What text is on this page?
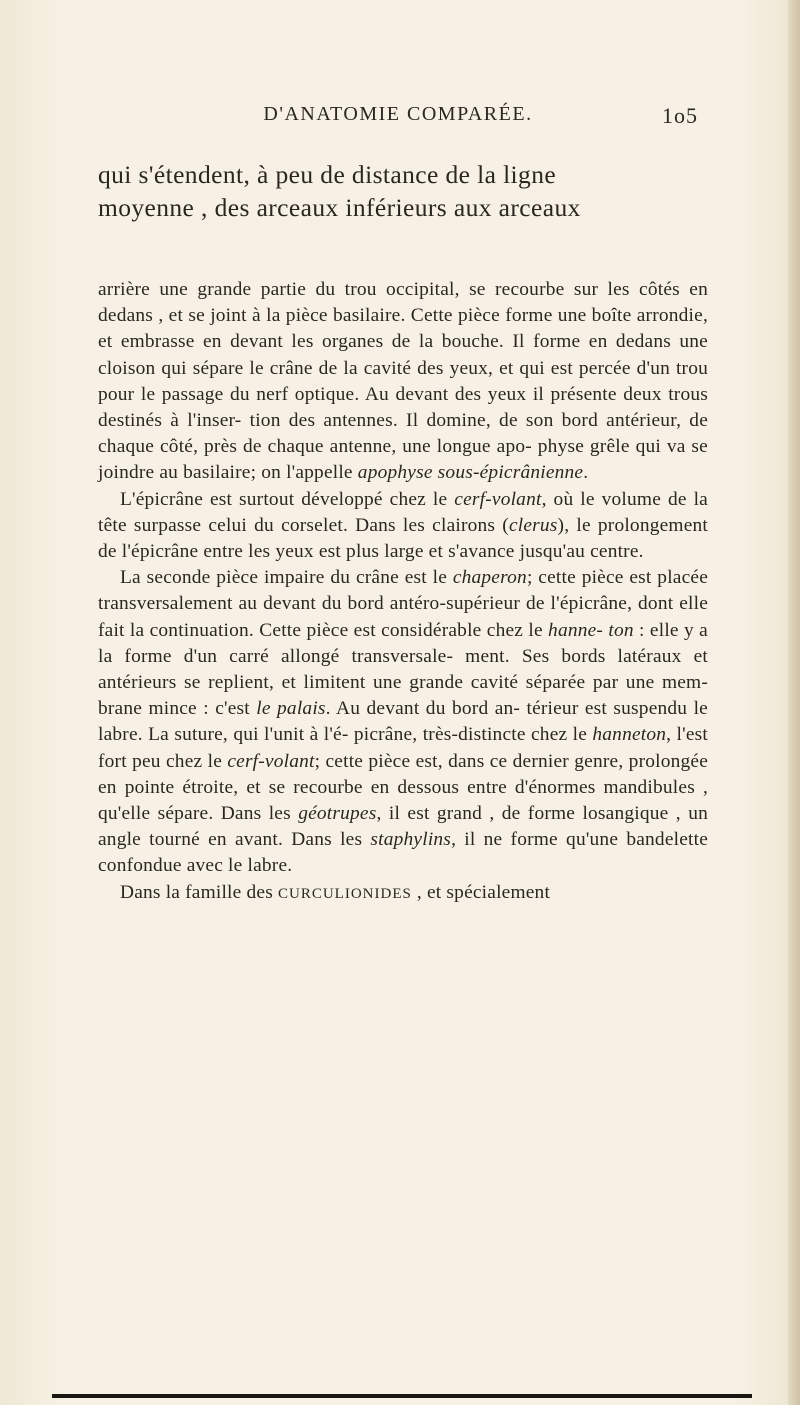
D'ANATOMIE COMPARÉE.	1o5
qui s'étendent, à peu de distance de la ligne
moyenne , des arceaux inférieurs aux arceaux

arrière une grande partie du trou occipital, se recourbe sur les côtés en dedans , et se joint à la pièce basilaire. Cette pièce forme une boîte arrondie, et embrasse en devant les organes de la bouche. Il forme en dedans une cloison qui sépare le crâne de la cavité des yeux, et qui est percée d'un trou pour le passage du nerf optique. Au devant des yeux il présente deux trous destinés à l'inser- tion des antennes. Il domine, de son bord antérieur, de chaque côté, près de chaque antenne, une longue apo- physe grêle qui va se joindre au basilaire; on l'appelle apophyse sous-épicrânienne.

L'épicrâne est surtout développé chez le cerf-volant, où le volume de la tête surpasse celui du corselet. Dans les clairons (clerus), le prolongement de l'épicrâne entre les yeux est plus large et s'avance jusqu'au centre.

La seconde pièce impaire du crâne est le chaperon; cette pièce est placée transversalement au devant du bord antéro-supérieur de l'épicrâne, dont elle fait la continuation. Cette pièce est considérable chez le hanne- ton : elle y a la forme d'un carré allongé transversale- ment. Ses bords latéraux et antérieurs se replient, et limitent une grande cavité séparée par une mem- brane mince : c'est le palais. Au devant du bord an- térieur est suspendu le labre. La suture, qui l'unit à l'é- picrâne, très-distincte chez le hanneton, l'est fort peu chez le cerf-volant; cette pièce est, dans ce dernier genre, prolongée en pointe étroite, et se recourbe en dessous entre d'énormes mandibules , qu'elle sépare. Dans les géotrupes, il est grand , de forme losangique , un angle tourné en avant. Dans les staphylins, il ne forme qu'une bandelette confondue avec le labre.

Dans la famille des CURCULIONIDES , et spécialement
